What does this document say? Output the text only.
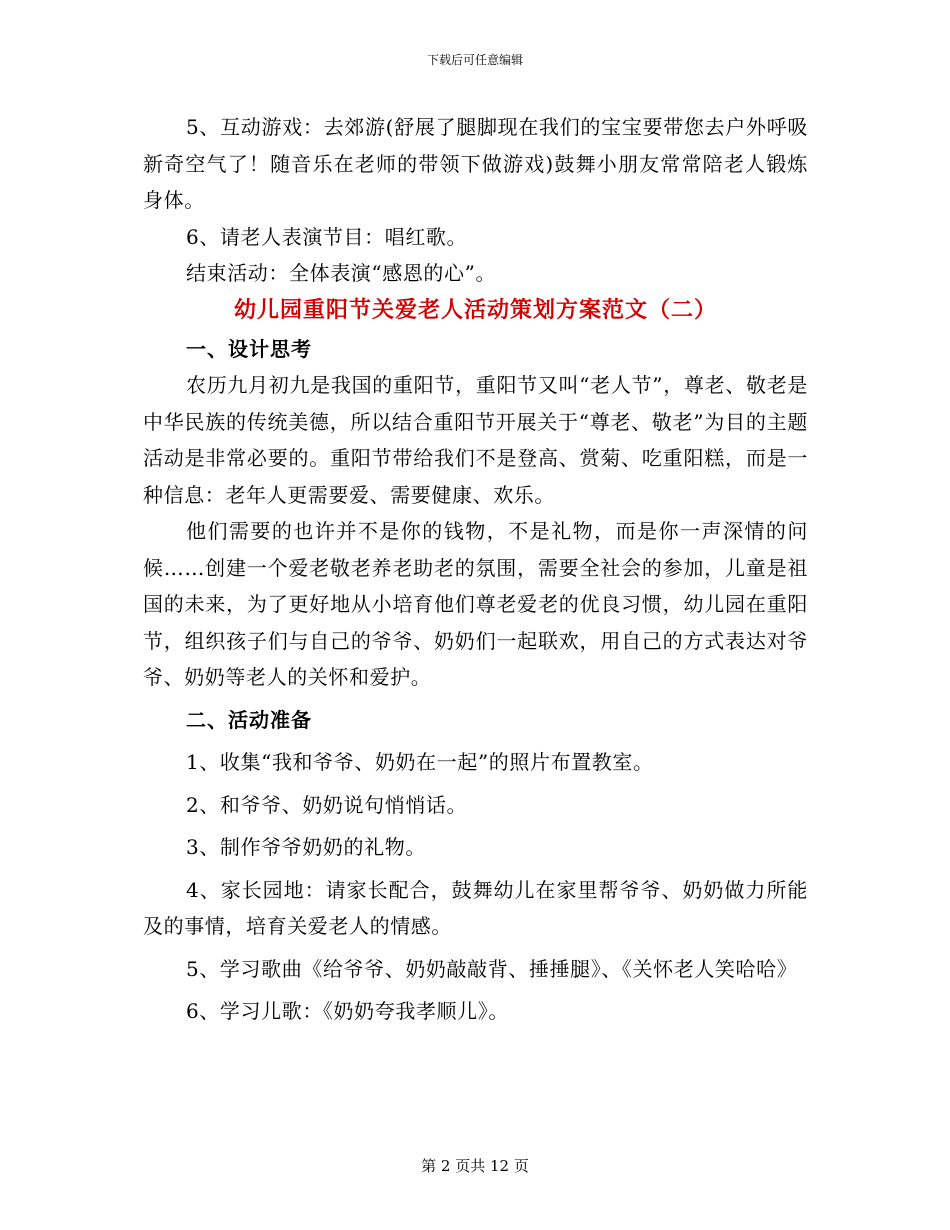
下载后可任意编辑

5、互动游戏：去郊游(舒展了腿脚现在我们的宝宝要带您去户外呼吸新奇空气了！随音乐在老师的带领下做游戏)鼓舞小朋友常常陪老人锻炼身体。

6、请老人表演节目：唱红歌。

结束活动：全体表演“感恩的心”。

幼儿园重阳节关爱老人活动策划方案范文（二）

一、设计思考

农历九月初九是我国的重阳节，重阳节又叫“老人节”，尊老、敬老是中华民族的传统美德，所以结合重阳节开展关于“尊老、敬老”为目的主题活动是非常必要的。重阳节带给我们不是登高、赏菊、吃重阳糕，而是一种信息：老年人更需要爱、需要健康、欢乐。

他们需要的也许并不是你的钱物，不是礼物，而是你一声深情的问候……创建一个爱老敬老养老助老的氛围，需要全社会的参加，儿童是祖国的未来，为了更好地从小培育他们尊老爱老的优良习惯，幼儿园在重阳节，组织孩子们与自己的爷爷、奶奶们一起联欢，用自己的方式表达对爷爷、奶奶等老人的关怀和爱护。

二、活动准备

1、收集“我和爷爷、奶奶在一起”的照片布置教室。

2、和爷爷、奶奶说句悄悄话。

3、制作爷爷奶奶的礼物。

4、家长园地：请家长配合，鼓舞幼儿在家里帮爷爷、奶奶做力所能及的事情，培育关爱老人的情感。

5、学习歌曲《给爷爷、奶奶敲敲背、捶捶腿》、《关怀老人笑哈哈》

6、学习儿歌：《奶奶夸我孝顺儿》。

第 2 页共 12 页
